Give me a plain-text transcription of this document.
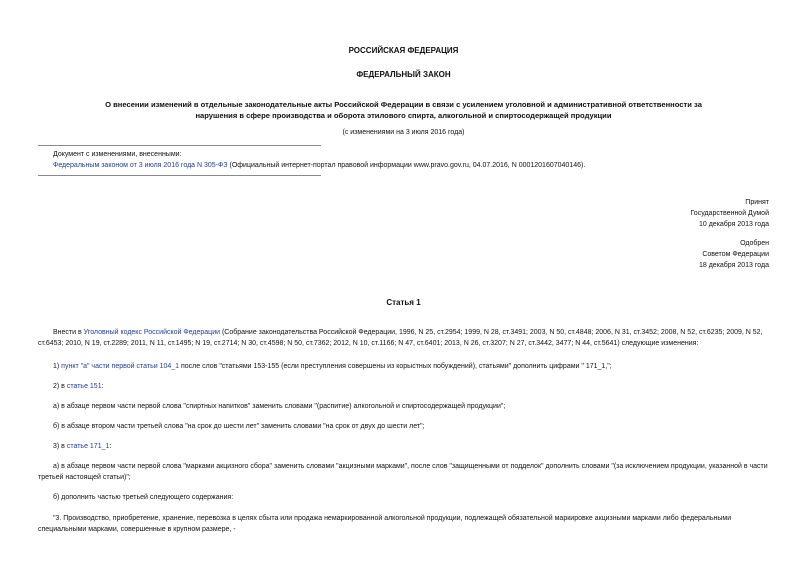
РОССИЙСКАЯ ФЕДЕРАЦИЯ
ФЕДЕРАЛЬНЫЙ ЗАКОН
О внесении изменений в отдельные законодательные акты Российской Федерации в связи с усилением уголовной и административной ответственности за
нарушения в сфере производства и оборота этилового спирта, алкогольной и спиртосодержащей продукции
(с изменениями на 3 июля 2016 года)
Документ с изменениями, внесенными:
Федеральным законом от 3 июля 2016 года N 305-ФЗ (Официальный интернет-портал правовой информации www.pravo.gov.ru, 04.07.2016, N 0001201607040146).
Принят
Государственной Думой
10 декабря 2013 года
Одобрен
Советом Федерации
18 декабря 2013 года
Статья 1
Внести в Уголовный кодекс Российской Федерации (Собрание законодательства Российской Федерации, 1996, N 25, ст.2954; 1999, N 28, ст.3491; 2003, N 50, ст.4848; 2006, N 31, ст.3452; 2008, N 52, ст.6235; 2009, N 52, ст.6453; 2010, N 19, ст.2289; 2011, N 11, ст.1495; N 19, ст.2714; N 30, ст.4598; N 50, ст.7362; 2012, N 10, ст.1166; N 47, ст.6401; 2013, N 26, ст.3207; N 27, ст.3442, 3477; N 44, ст.5641) следующие изменения:
1) пункт "а" части первой статьи 104_1 после слов "статьями 153-155 (если преступления совершены из корыстных побуждений), статьями" дополнить цифрами " 171_1,";
2) в статье 151:
а) в абзаце первом части первой слова "спиртных напитков" заменить словами "(распитие) алкогольной и спиртосодержащей продукции";
б) в абзаце втором части третьей слова "на срок до шести лет" заменить словами "на срок от двух до шести лет";
3) в статье 171_1:
а) в абзаце первом части первой слова "марками акцизного сбора" заменить словами "акцизными марками", после слов "защищенными от подделок" дополнить словами "(за исключением продукции, указанной в части третьей настоящей статьи)";
б) дополнить частью третьей следующего содержания:
"3. Производство, приобретение, хранение, перевозка в целях сбыта или продажа немаркированной алкогольной продукции, подлежащей обязательной маркировке акцизными марками либо федеральными специальными марками, совершенные в крупном размере, -
